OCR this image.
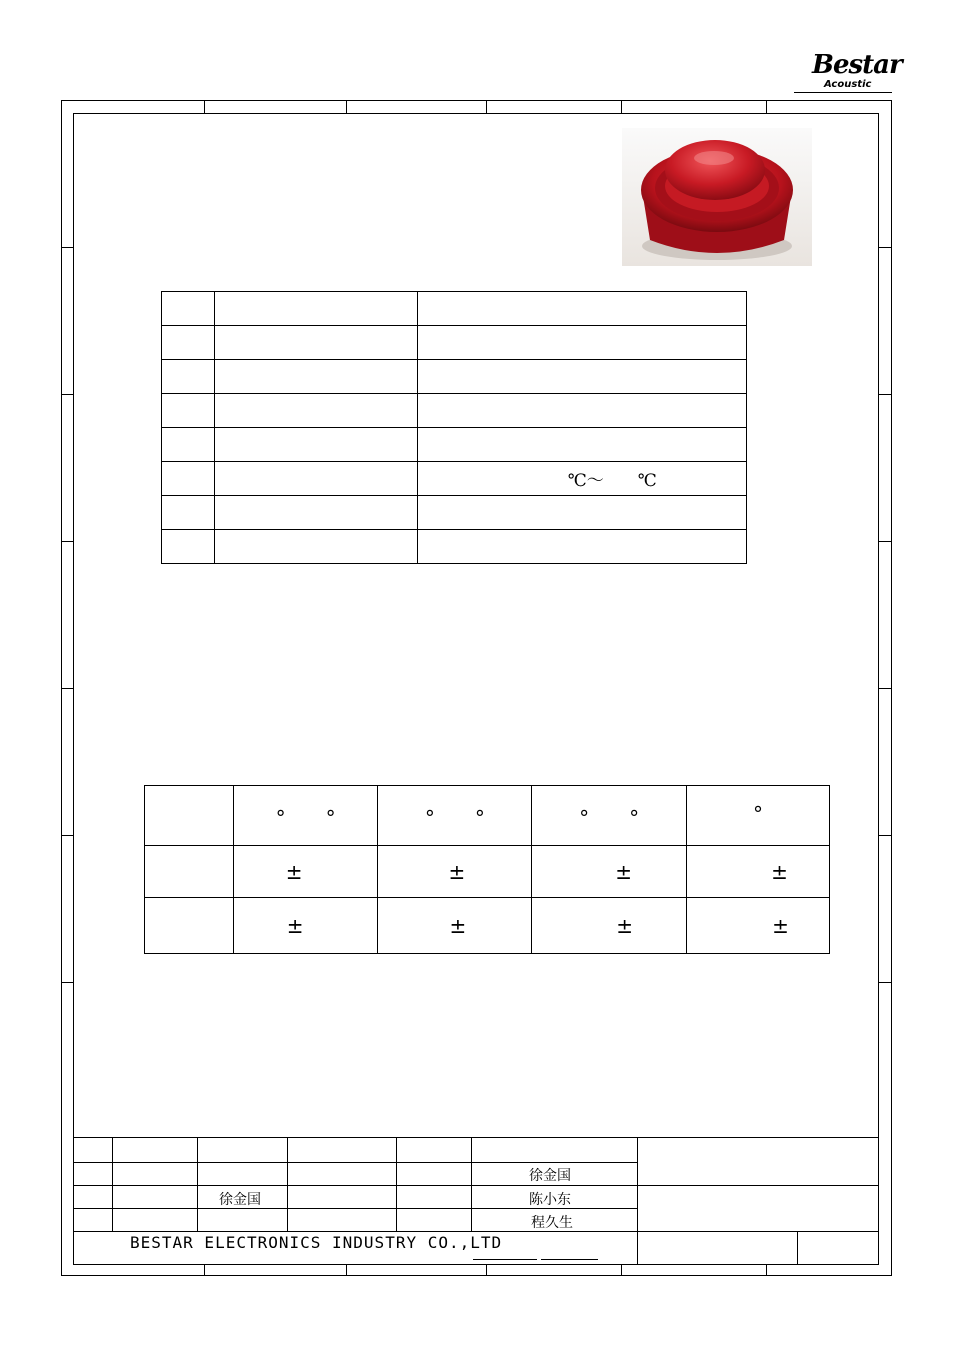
Bestar
Acoustic

		℃～　　℃

	°　　°	°　　°	°　　°	°
	±	±	±	±
	±	±	±	±
徐金国
徐金国	陈小东
程久生
BESTAR ELECTRONICS INDUSTRY CO.,LTD
